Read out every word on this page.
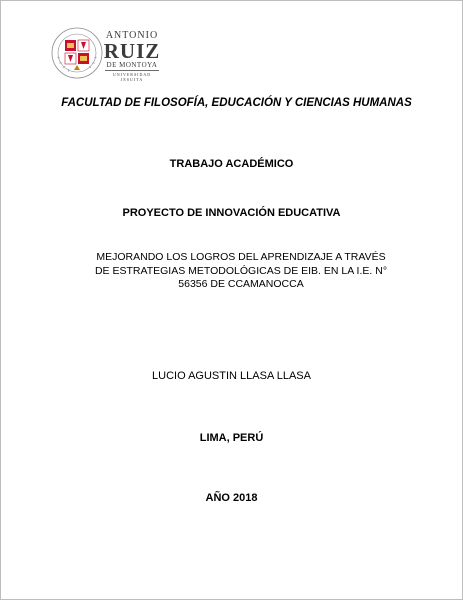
ANTONIO
RUIZ
DE MONTOYA
UNIVERSIDAD JESUITA
FACULTAD DE FILOSOFÍA, EDUCACIÓN Y CIENCIAS HUMANAS
TRABAJO ACADÉMICO
PROYECTO DE INNOVACIÓN EDUCATIVA
MEJORANDO LOS LOGROS DEL APRENDIZAJE A TRAVÉS
DE ESTRATEGIAS METODOLÓGICAS DE EIB. EN LA I.E. N°
56356 DE CCAMANOCCA
LUCIO AGUSTIN LLASA LLASA
LIMA, PERÚ
AÑO 2018
